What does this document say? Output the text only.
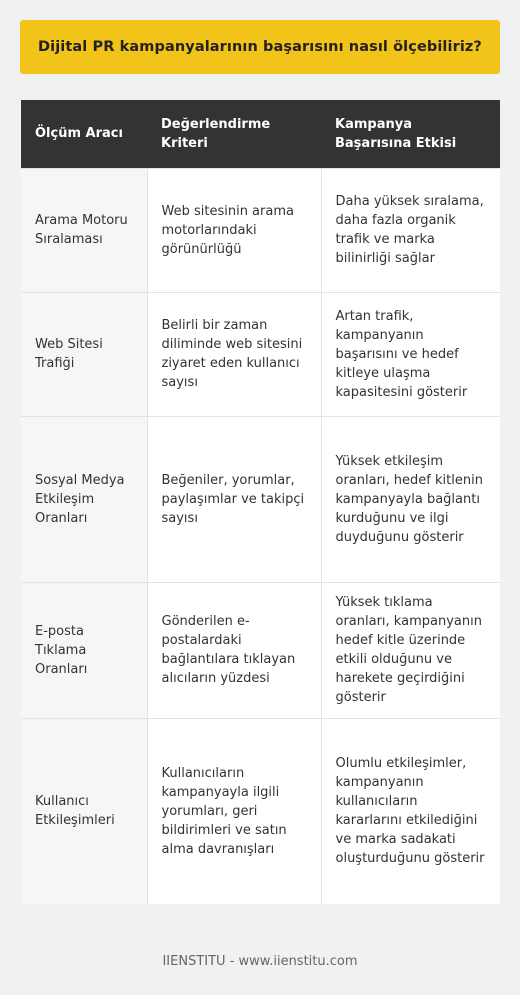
Dijital PR kampanyalarının başarısını nasıl ölçebiliriz?
Ölçüm Aracı	Değerlendirme Kriteri	Kampanya Başarısına Etkisi
Arama Motoru Sıralaması	Web sitesinin arama motorlarındaki görünürlüğü	Daha yüksek sıralama, daha fazla organik trafik ve marka bilinirliği sağlar
Web Sitesi Trafiği	Belirli bir zaman diliminde web sitesini ziyaret eden kullanıcı sayısı	Artan trafik, kampanyanın başarısını ve hedef kitleye ulaşma kapasitesini gösterir
Sosyal Medya Etkileşim Oranları	Beğeniler, yorumlar, paylaşımlar ve takipçi sayısı	Yüksek etkileşim oranları, hedef kitlenin kampanyayla bağlantı kurduğunu ve ilgi duyduğunu gösterir
E-posta Tıklama Oranları	Gönderilen e-postalardaki bağlantılara tıklayan alıcıların yüzdesi	Yüksek tıklama oranları, kampanyanın hedef kitle üzerinde etkili olduğunu ve harekete geçirdiğini gösterir
Kullanıcı Etkileşimleri	Kullanıcıların kampanyayla ilgili yorumları, geri bildirimleri ve satın alma davranışları	Olumlu etkileşimler, kampanyanın kullanıcıların kararlarını etkilediğini ve marka sadakati oluşturduğunu gösterir
IIENSTITU - www.iienstitu.com
